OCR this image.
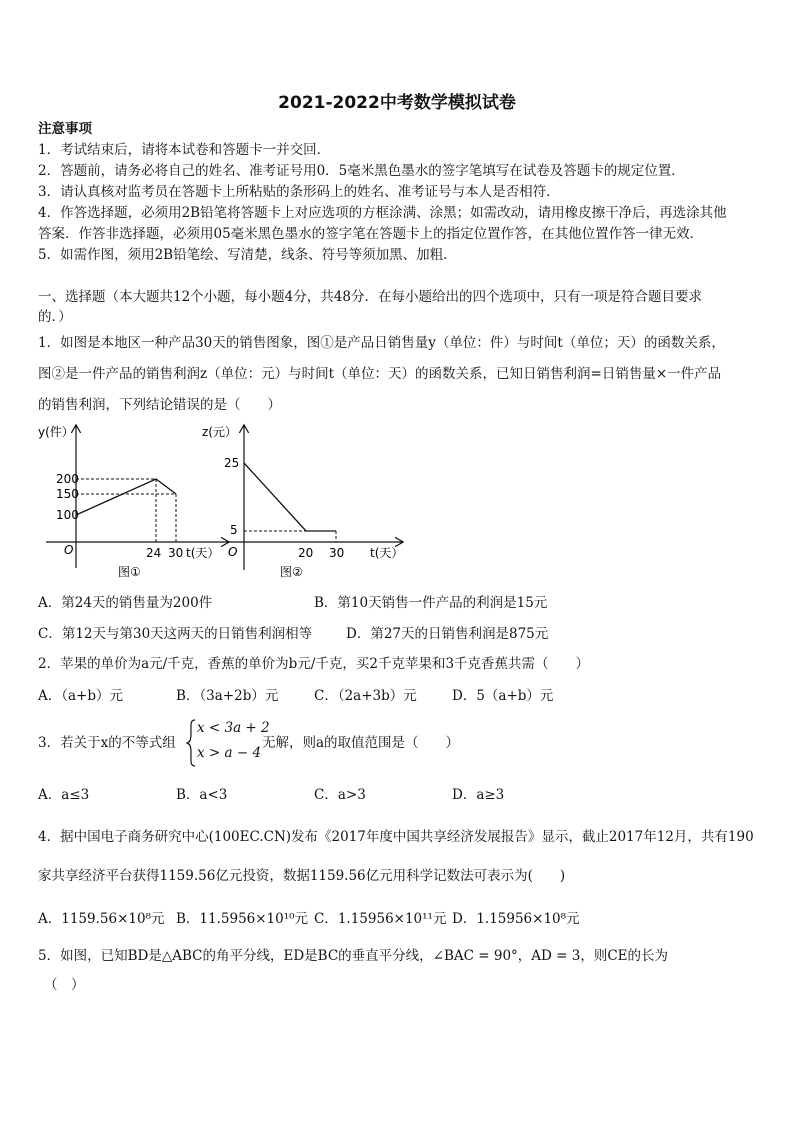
2021-2022中考数学模拟试卷
注意事项
1．考试结束后，请将本试卷和答题卡一并交回．
2．答题前，请务必将自己的姓名、准考证号用0．5毫米黑色墨水的签字笔填写在试卷及答题卡的规定位置．
3．请认真核对监考员在答题卡上所粘贴的条形码上的姓名、准考证号与本人是否相符．
4．作答选择题，必须用2B铅笔将答题卡上对应选项的方框涂满、涂黑；如需改动，请用橡皮擦干净后，再选涂其他
答案．作答非选择题，必须用05毫米黑色墨水的签字笔在答题卡上的指定位置作答，在其他位置作答一律无效．
5．如需作图，须用2B铅笔绘、写清楚，线条、符号等须加黑、加粗．
一、选择题（本大题共12个小题，每小题4分，共48分．在每小题给出的四个选项中，只有一项是符合题目要求
的．）
1．如图是本地区一种产品30天的销售图象，图①是产品日销售量y（单位：件）与时间t（单位；天）的函数关系，
图②是一件产品的销售利润z（单位：元）与时间t（单位：天）的函数关系，已知日销售利润=日销售量×一件产品
的销售利润，下列结论错误的是（　　）
y(件）
200
150
100
O	24 30 t(天）
图①
z(元）
25
5
O	20 30 t(天）
图②
A．第24天的销售量为200件	B．第10天销售一件产品的利润是15元
C．第12天与第30天这两天的日销售利润相等	D．第27天的日销售利润是875元
2．苹果的单价为a元/千克，香蕉的单价为b元/千克，买2千克苹果和3千克香蕉共需（　　）
A．（a+b）元	B．（3a+2b）元	C．（2a+3b）元	D．5（a+b）元
3．若关于x的不等式组
x < 3a + 2
x > a − 4
无解，则a的取值范围是（　　）
A．a≤3	B．a<3	C．a>3	D．a≥3
4．据中国电子商务研究中心(100EC.CN)发布《2017年度中国共享经济发展报告》显示，截止2017年12月，共有190
家共享经济平台获得1159.56亿元投资，数据1159.56亿元用科学记数法可表示为(　　)
A．1159.56×10⁸元 B．11.5956×10¹⁰元 C．1.15956×10¹¹元 D．1.15956×10⁸元
5．如图，已知BD是△ABC的角平分线，ED是BC的垂直平分线，∠BAC = 90°，AD = 3，则CE的长为
（　）
